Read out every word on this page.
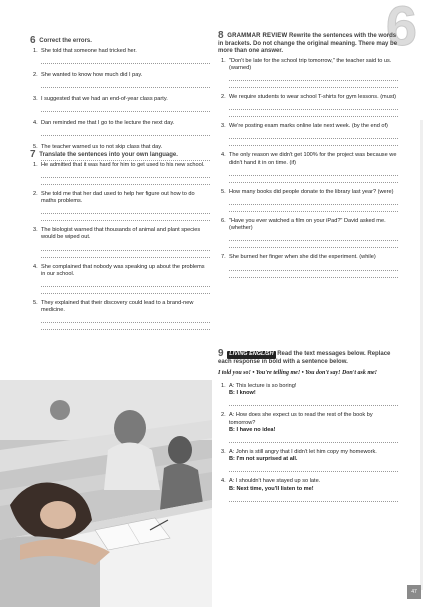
6
6 Correct the errors.
1. She told that someone had tricked her.
2. She wanted to know how much did I pay.
3. I suggested that we had an end-of-year class party.
4. Dan reminded me that I go to the lecture the next day.
5. The teacher warned us to not skip class that day.
7 Translate the sentences into your own language.
1. He admitted that it was hard for him to get used to his new school.
2. She told me that her dad used to help her figure out how to do maths problems.
3. The biologist warned that thousands of animal and plant species would be wiped out.
4. She complained that nobody was speaking up about the problems in our school.
5. They explained that their discovery could lead to a brand-new medicine.
8 GRAMMAR REVIEW Rewrite the sentences with the words in brackets. Do not change the original meaning. There may be more than one answer.
1. "Don't be late for the school trip tomorrow," the teacher said to us. (warned)
2. We require students to wear school T-shirts for gym lessons. (must)
3. We're posting exam marks online late next week. (by the end of)
4. The only reason we didn't get 100% for the project was because we didn't hand it in on time. (if)
5. How many books did people donate to the library last year? (were)
6. "Have you ever watched a film on your iPad?" David asked me. (whether)
7. She burned her finger when she did the experiment. (while)
9 LIVING ENGLISH Read the text messages below. Replace each response in bold with a sentence below.
I told you so! • You're telling me! • You don't say! Don't ask me!
1. A: This lecture is so boring!
B: I know!
2. A: How does she expect us to read the rest of the book by tomorrow?
B: I have no idea!
3. A: John is still angry that I didn't let him copy my homework.
B: I'm not surprised at all.
4. A: I shouldn't have stayed up so late.
B: Next time, you'll listen to me!
47
